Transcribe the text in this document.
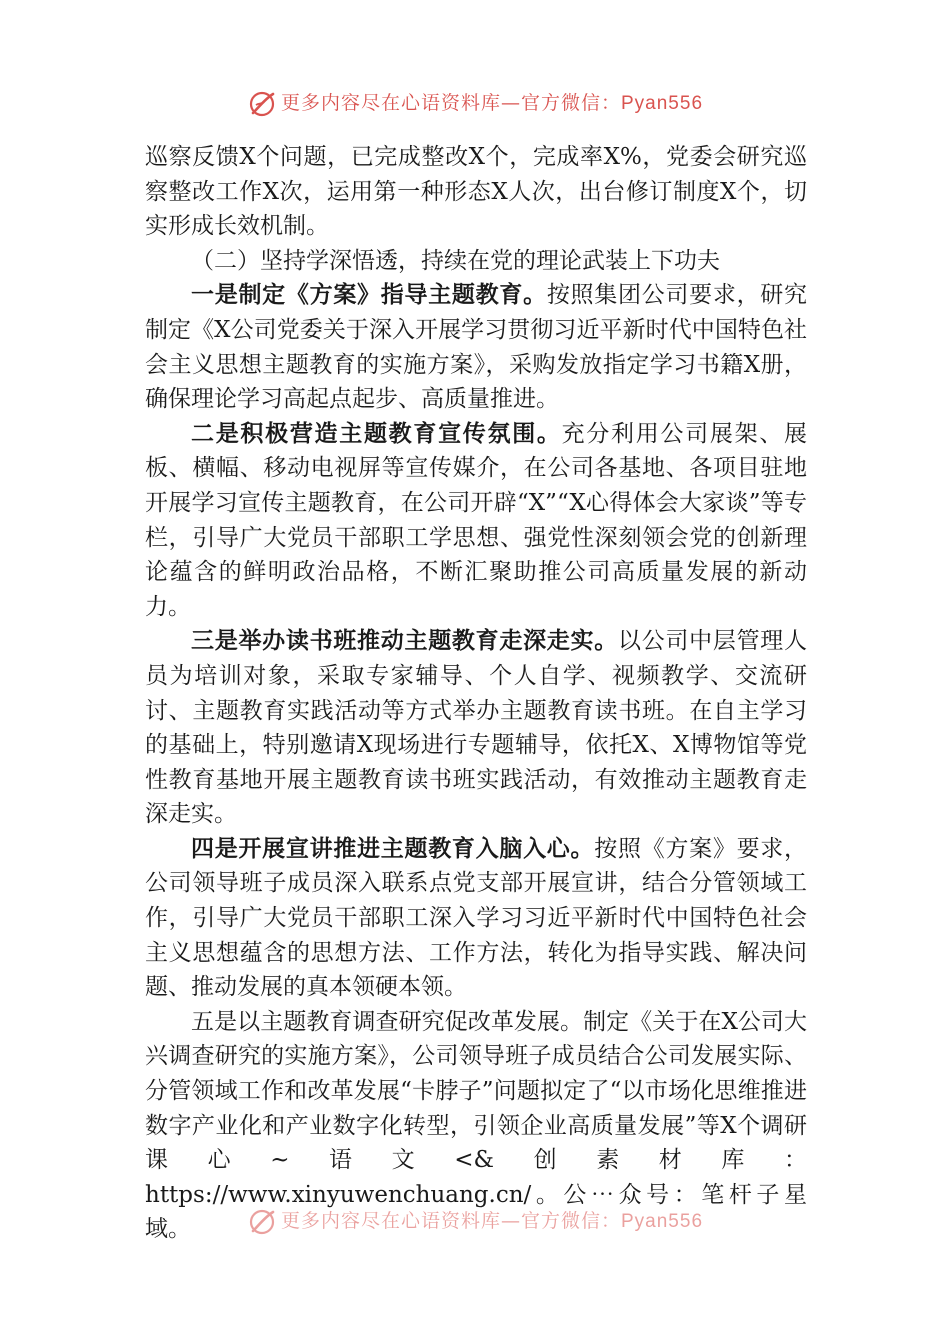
更多内容尽在心语资料库—官方微信：Pyan556

巡察反馈X个问题，已完成整改X个，完成率X%，党委会研究巡察整改工作X次，运用第一种形态X人次，出台修订制度X个，切实形成长效机制。

（二）坚持学深悟透，持续在党的理论武装上下功夫

一是制定《方案》指导主题教育。按照集团公司要求，研究制定《X公司党委关于深入开展学习贯彻习近平新时代中国特色社会主义思想主题教育的实施方案》，采购发放指定学习书籍X册，确保理论学习高起点起步、高质量推进。

二是积极营造主题教育宣传氛围。充分利用公司展架、展板、横幅、移动电视屏等宣传媒介，在公司各基地、各项目驻地开展学习宣传主题教育，在公司开辟“X”“X心得体会大家谈”等专栏，引导广大党员干部职工学思想、强党性深刻领会党的创新理论蕴含的鲜明政治品格，不断汇聚助推公司高质量发展的新动力。

三是举办读书班推动主题教育走深走实。以公司中层管理人员为培训对象，采取专家辅导、个人自学、视频教学、交流研讨、主题教育实践活动等方式举办主题教育读书班。在自主学习的基础上，特别邀请X现场进行专题辅导，依托X、X博物馆等党性教育基地开展主题教育读书班实践活动，有效推动主题教育走深走实。

四是开展宣讲推进主题教育入脑入心。按照《方案》要求，公司领导班子成员深入联系点党支部开展宣讲，结合分管领域工作，引导广大党员干部职工深入学习习近平新时代中国特色社会主义思想蕴含的思想方法、工作方法，转化为指导实践、解决问题、推动发展的真本领硬本领。

五是以主题教育调查研究促改革发展。制定《关于在X公司大兴调查研究的实施方案》，公司领导班子成员结合公司发展实际、分管领域工作和改革发展“卡脖子”问题拟定了“以市场化思维推进数字产业化和产业数字化转型，引领企业高质量发展”等X个调研课心~语文<&创素材库：https://www.xinyuwenchuang.cn/。公⋯众号：笔杆子星域。	更多内容尽在心语资料库—官方微信：Pyan556
